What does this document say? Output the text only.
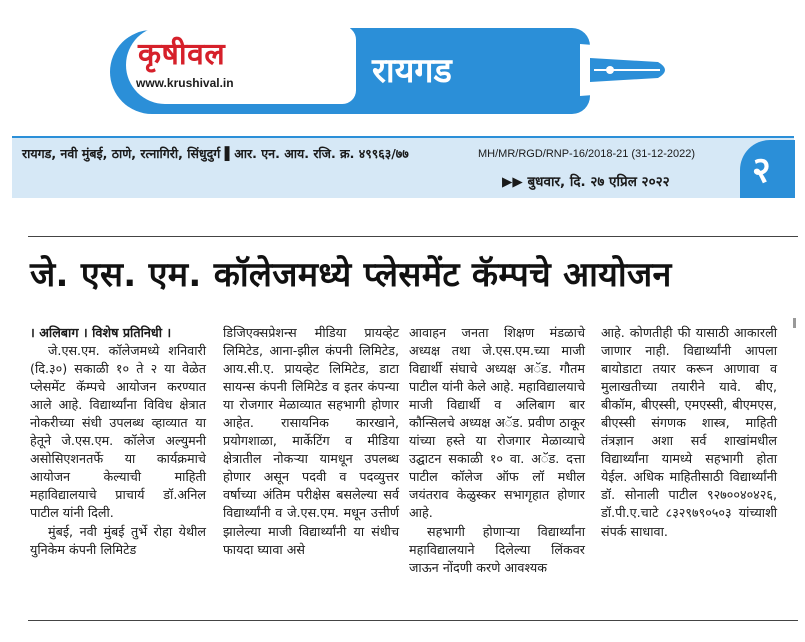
कृषीवल
www.krushival.in	रायगड
रायगड, नवी मुंबई, ठाणे, रत्नागिरी, सिंधुदुर्ग ▌आर. एन. आय. रजि. क्र. ४९९६३/७७	MH/MR/RGD/RNP-16/2018-21 (31-12-2022)
▶▶ बुधवार, दि. २७ एप्रिल २०२२ २
जे. एस. एम. कॉलेजमध्ये प्लेसमेंट कॅम्पचे आयोजन

। अलिबाग । विशेष प्रतिनिधी ।

जे.एस.एम. कॉलेजमध्ये शनिवारी (दि.३०) सकाळी १० ते २ या वेळेत प्लेसमेंट कॅम्पचे आयोजन करण्यात आले आहे. विद्यार्थ्यांना विविध क्षेत्रात नोकरीच्या संधी उपलब्ध व्हाव्यात या हेतूने जे.एस.एम. कॉलेज अल्युमनी असोसिएशनतर्फे या कार्यक्रमाचे आयोजन केल्याची माहिती महाविद्यालयाचे प्राचार्य डॉ.अनिल पाटील यांनी दिली.

मुंबई, नवी मुंबई तुर्भे रोहा येथील युनिकेम कंपनी लिमिटेड

डिजिएक्सप्रेशन्स मीडिया प्रायव्हेट लिमिटेड, आना-झील कंपनी लिमिटेड, आय.सी.ए. प्रायव्हेट लिमिटेड, डाटा सायन्स कंपनी लिमिटेड व इतर कंपन्या या रोजगार मेळाव्यात सहभागी होणार आहेत. रासायनिक कारखाने, प्रयोगशाळा, मार्केटिंग व मीडिया क्षेत्रातील नोकऱ्या यामधून उपलब्ध होणार असून पदवी व पदव्युत्तर वर्षाच्या अंतिम परीक्षेस बसलेल्या सर्व विद्यार्थ्यांनी व जे.एस.एम. मधून उत्तीर्ण झालेल्या माजी विद्यार्थ्यांनी या संधीच फायदा घ्यावा असे

आवाहन जनता शिक्षण मंडळाचे अध्यक्ष तथा जे.एस.एम.च्या माजी विद्यार्थी संघाचे अध्यक्ष अॅड. गौतम पाटील यांनी केले आहे. महाविद्यालयाचे माजी विद्यार्थी व अलिबाग बार कौन्सिलचे अध्यक्ष अॅड. प्रवीण ठाकूर यांच्या हस्ते या रोजगार मेळाव्याचे उद्घाटन सकाळी १० वा. अॅड. दत्ता पाटील कॉलेज ऑफ लॉ मधील जयंतराव केळुस्कर सभागृहात होणार आहे.

सहभागी होणाऱ्या विद्यार्थ्यांना महाविद्यालयाने दिलेल्या लिंकवर जाऊन नोंदणी करणे आवश्यक

आहे. कोणतीही फी यासाठी आकारली जाणार नाही. विद्यार्थ्यांनी आपला बायोडाटा तयार करून आणावा व मुलाखतीच्या तयारीने यावे. बीए, बीकॉम, बीएस्सी, एमएस्सी, बीएमएस, बीएस्सी संगणक शास्त्र, माहिती तंत्रज्ञान अशा सर्व शाखांमधील विद्यार्थ्यांना यामध्ये सहभागी होता येईल. अधिक माहितीसाठी विद्यार्थ्यांनी डॉ. सोनाली पाटील ९२७००४०४२६, डॉ.पी.ए.चाटे ८३२९७९०५०३ यांच्याशी संपर्क साधावा.
